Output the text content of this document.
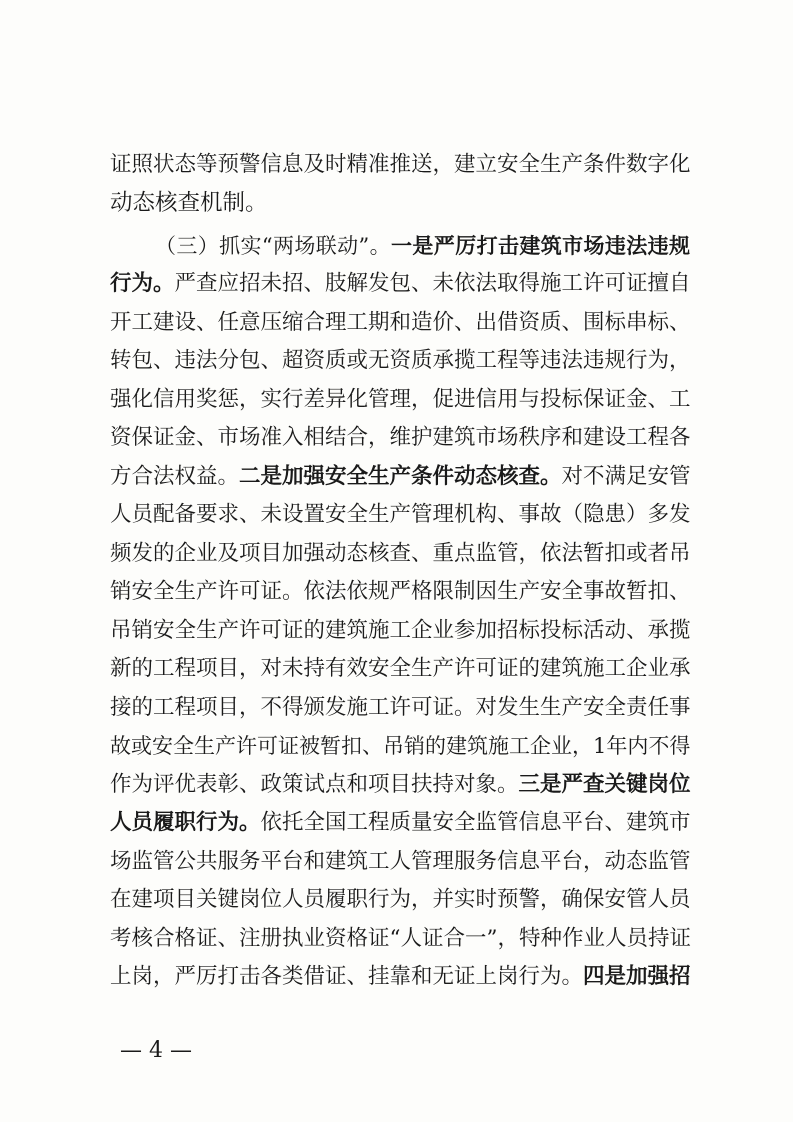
证照状态等预警信息及时精准推送，建立安全生产条件数字化
动态核查机制。
（三）抓实“两场联动”。一是严厉打击建筑市场违法违规
行为。严查应招未招、肢解发包、未依法取得施工许可证擅自
开工建设、任意压缩合理工期和造价、出借资质、围标串标、
转包、违法分包、超资质或无资质承揽工程等违法违规行为，
强化信用奖惩，实行差异化管理，促进信用与投标保证金、工
资保证金、市场准入相结合，维护建筑市场秩序和建设工程各
方合法权益。二是加强安全生产条件动态核查。对不满足安管
人员配备要求、未设置安全生产管理机构、事故（隐患）多发
频发的企业及项目加强动态核查、重点监管，依法暂扣或者吊
销安全生产许可证。依法依规严格限制因生产安全事故暂扣、
吊销安全生产许可证的建筑施工企业参加招标投标活动、承揽
新的工程项目，对未持有效安全生产许可证的建筑施工企业承
接的工程项目，不得颁发施工许可证。对发生生产安全责任事
故或安全生产许可证被暂扣、吊销的建筑施工企业，1年内不得
作为评优表彰、政策试点和项目扶持对象。三是严查关键岗位
人员履职行为。依托全国工程质量安全监管信息平台、建筑市
场监管公共服务平台和建筑工人管理服务信息平台，动态监管
在建项目关键岗位人员履职行为，并实时预警，确保安管人员
考核合格证、注册执业资格证“人证合一”，特种作业人员持证
上岗，严厉打击各类借证、挂靠和无证上岗行为。四是加强招
— 4 —
